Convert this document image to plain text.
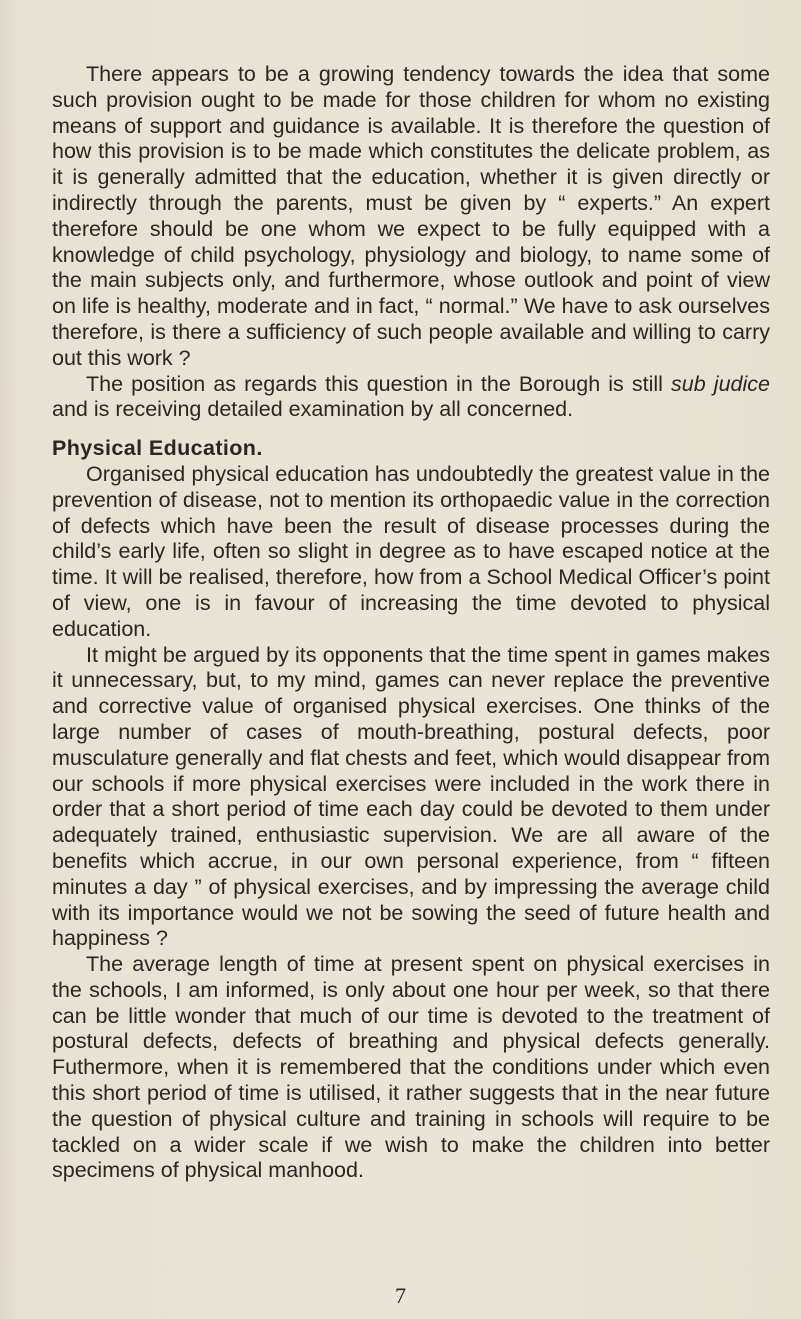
There appears to be a growing tendency towards the idea that some such provision ought to be made for those children for whom no existing means of support and guidance is available. It is therefore the question of how this provision is to be made which constitutes the delicate problem, as it is generally admitted that the education, whether it is given directly or indirectly through the parents, must be given by “ experts.” An expert therefore should be one whom we expect to be fully equipped with a knowledge of child psychology, physiology and biology, to name some of the main subjects only, and furthermore, whose outlook and point of view on life is healthy, moderate and in fact, “ normal.” We have to ask ourselves therefore, is there a sufficiency of such people available and willing to carry out this work ?

The position as regards this question in the Borough is still sub judice and is receiving detailed examination by all concerned.

Physical Education.

Organised physical education has undoubtedly the greatest value in the prevention of disease, not to mention its orthopaedic value in the correction of defects which have been the result of disease processes during the child’s early life, often so slight in degree as to have escaped notice at the time. It will be realised, therefore, how from a School Medical Officer’s point of view, one is in favour of increasing the time devoted to physical education.

It might be argued by its opponents that the time spent in games makes it unnecessary, but, to my mind, games can never replace the preventive and corrective value of organised physical exercises. One thinks of the large number of cases of mouth-breathing, postural defects, poor musculature generally and flat chests and feet, which would disappear from our schools if more physical exercises were included in the work there in order that a short period of time each day could be devoted to them under adequately trained, enthusiastic supervision. We are all aware of the benefits which accrue, in our own personal experience, from “ fifteen minutes a day ” of physical exercises, and by impressing the average child with its importance would we not be sowing the seed of future health and happiness ?

The average length of time at present spent on physical exercises in the schools, I am informed, is only about one hour per week, so that there can be little wonder that much of our time is devoted to the treatment of postural defects, defects of breathing and physical defects generally. Futhermore, when it is remembered that the conditions under which even this short period of time is utilised, it rather suggests that in the near future the question of physical culture and training in schools will require to be tackled on a wider scale if we wish to make the children into better specimens of physical manhood.

7
